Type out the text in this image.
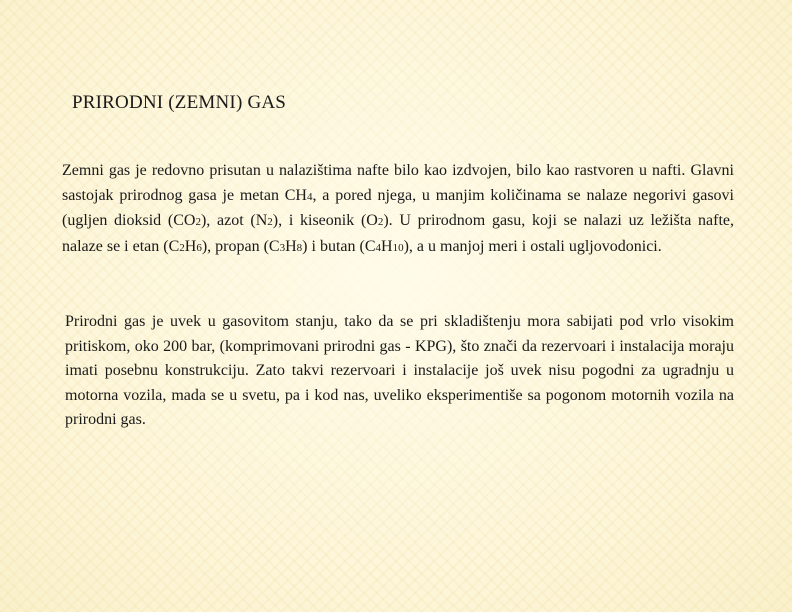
PRIRODNI (ZEMNI) GAS

Zemni gas je redovno prisutan u nalazištima nafte bilo kao izdvojen, bilo kao rastvoren u nafti. Glavni sastojak prirodnog gasa je metan CH4, a pored njega, u manjim količinama se nalaze negorivi gasovi (ugljen dioksid (CO2), azot (N2), i kiseonik (O2). U prirodnom gasu, koji se nalazi uz ležišta nafte, nalaze se i etan (C2H6), propan (C3H8) i butan (C4H10), a u manjoj meri i ostali ugljovodonici.

Prirodni gas je uvek u gasovitom stanju, tako da se pri skladištenju mora sabijati pod vrlo visokim pritiskom, oko 200 bar, (komprimovani prirodni gas - KPG), što znači da rezervoari i instalacija moraju imati posebnu konstrukciju. Zato takvi rezervoari i instalacije još uvek nisu pogodni za ugradnju u motorna vozila, mada se u svetu, pa i kod nas, uveliko eksperimentiše sa pogonom motornih vozila na prirodni gas.
